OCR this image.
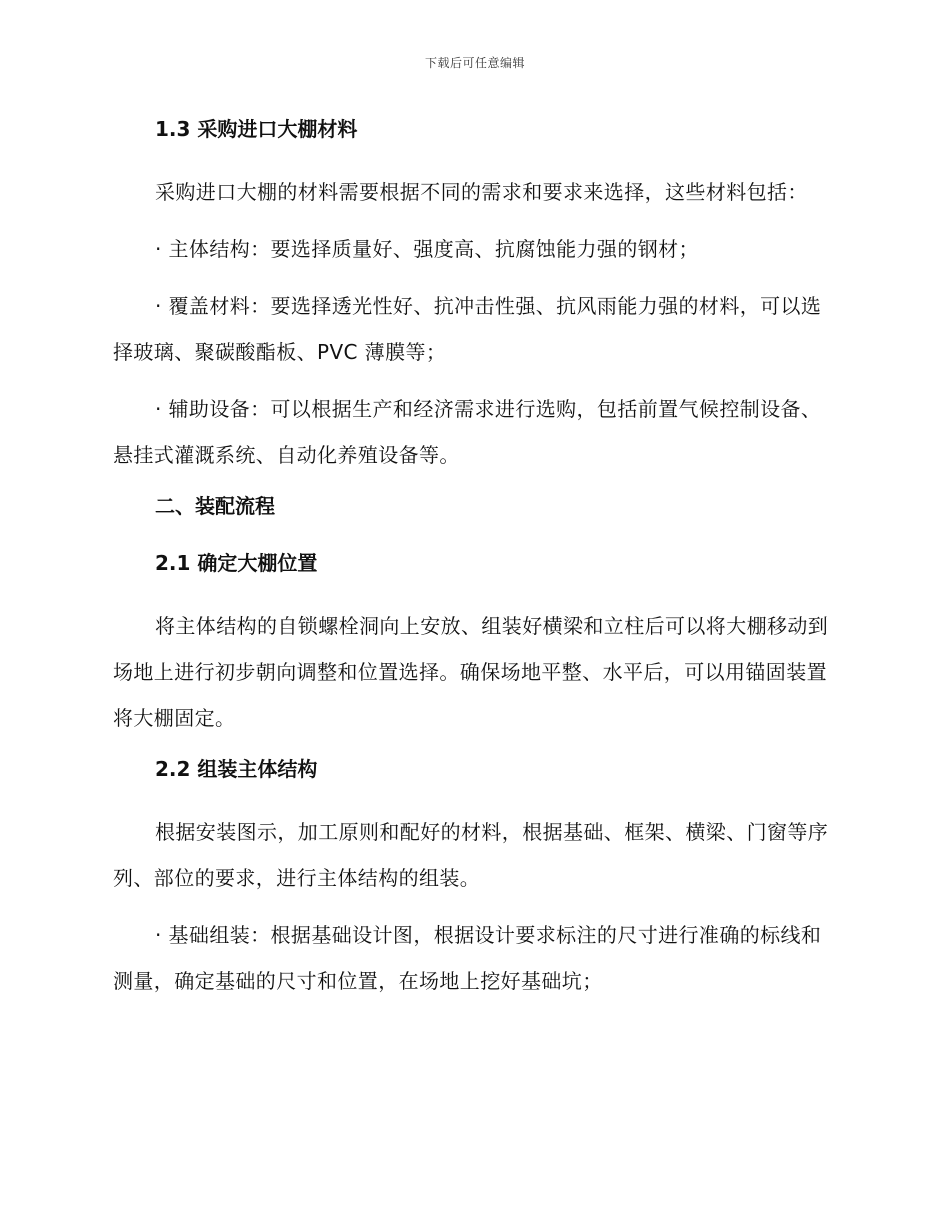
下载后可任意编辑
1.3 采购进口大棚材料
采购进口大棚的材料需要根据不同的需求和要求来选择，这些材料包括：
· 主体结构：要选择质量好、强度高、抗腐蚀能力强的钢材；
· 覆盖材料：要选择透光性好、抗冲击性强、抗风雨能力强的材料，可以选择玻璃、聚碳酸酯板、PVC 薄膜等；
· 辅助设备：可以根据生产和经济需求进行选购，包括前置气候控制设备、悬挂式灌溉系统、自动化养殖设备等。
二、装配流程
2.1 确定大棚位置
将主体结构的自锁螺栓洞向上安放、组装好横梁和立柱后可以将大棚移动到场地上进行初步朝向调整和位置选择。确保场地平整、水平后，可以用锚固装置将大棚固定。
2.2 组装主体结构
根据安装图示，加工原则和配好的材料，根据基础、框架、横梁、门窗等序列、部位的要求，进行主体结构的组装。
· 基础组装：根据基础设计图，根据设计要求标注的尺寸进行准确的标线和测量，确定基础的尺寸和位置，在场地上挖好基础坑；
